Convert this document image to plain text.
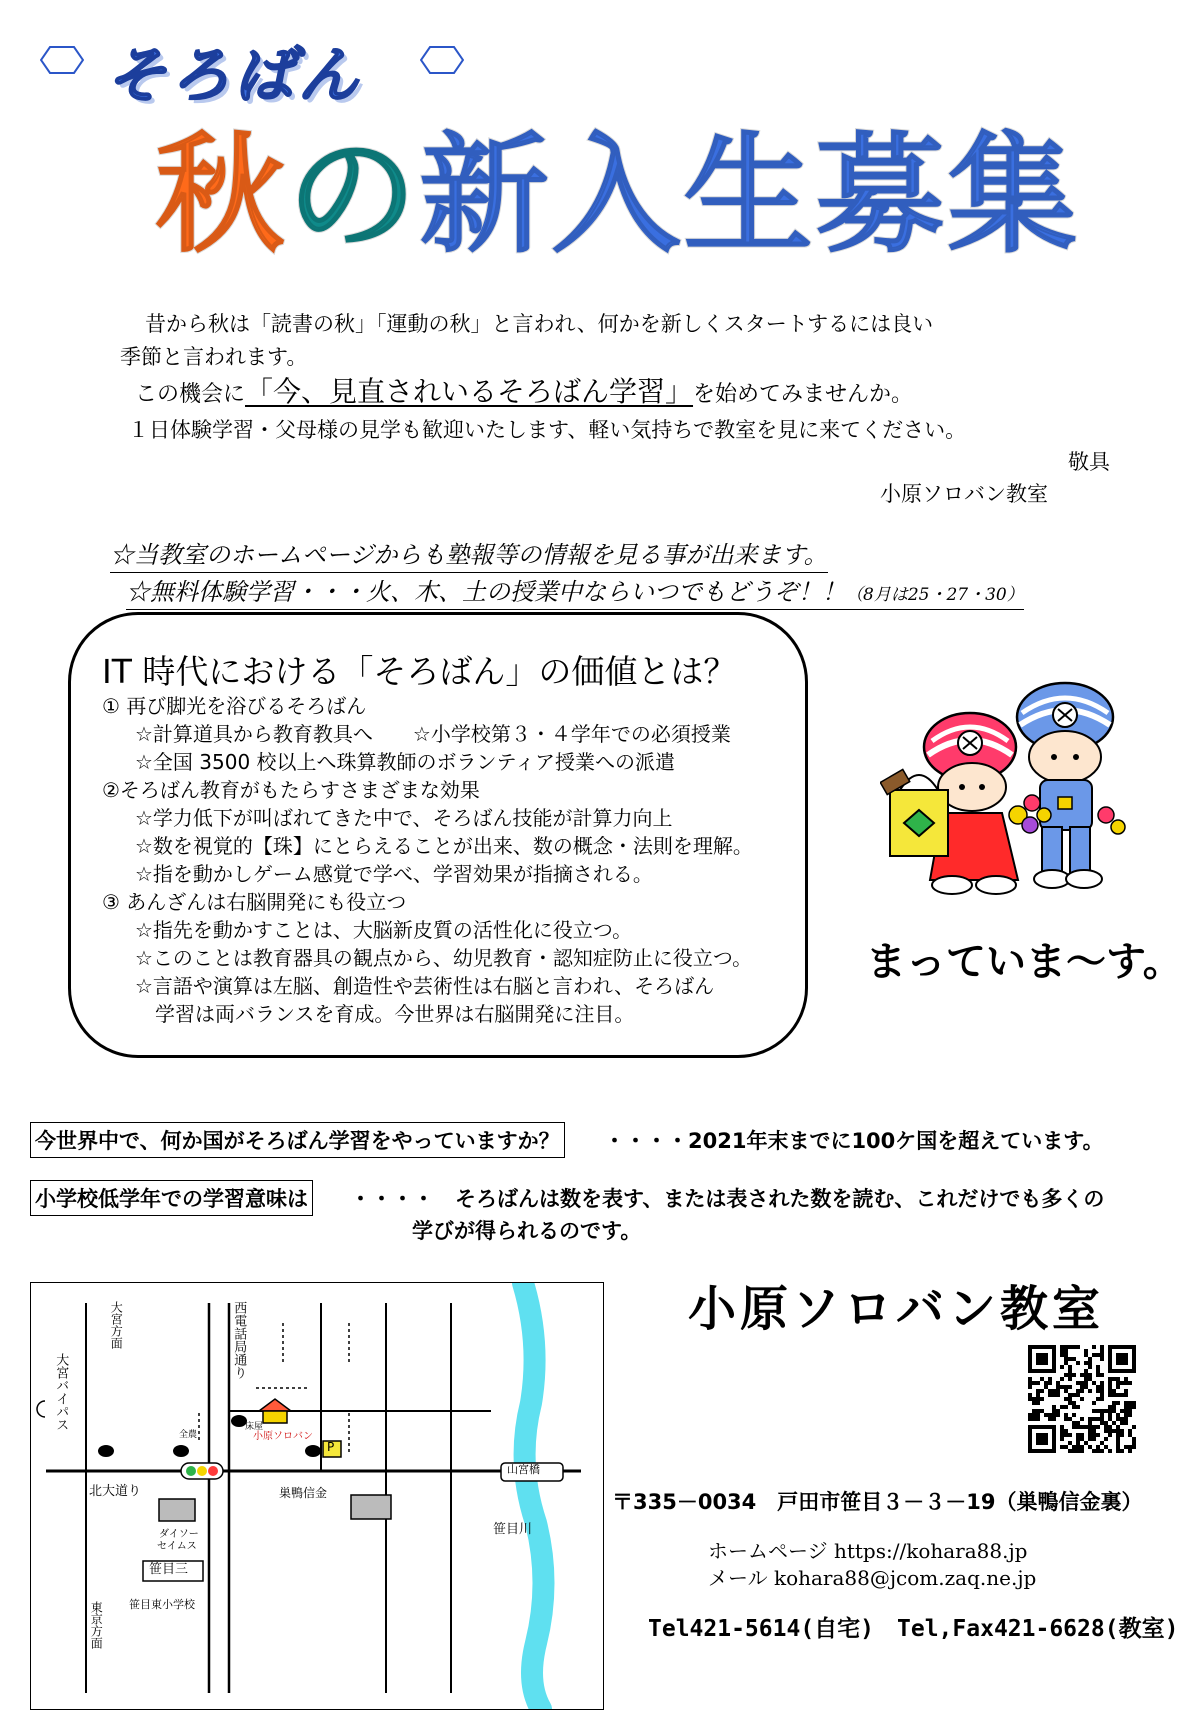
そろばん
秋の新入生募集
昔から秋は「読書の秋」「運動の秋」と言われ、何かを新しくスタートするには良い
季節と言われます。
この機会に「今、見直されいるそろばん学習」を始めてみませんか。
１日体験学習・父母様の見学も歓迎いたします、軽い気持ちで教室を見に来てください。
敬具
小原ソロバン教室
☆当教室のホームページからも塾報等の情報を見る事が出来ます。
☆無料体験学習・・・火、木、土の授業中ならいつでもどうぞ！！（8月は25・27・30）
IT 時代における「そろばん」の価値とは？
① 再び脚光を浴びるそろばん
☆計算道具から教育教具へ　　☆小学校第３・４学年での必須授業
☆全国 3500 校以上へ珠算教師のボランティア授業への派遣
②そろばん教育がもたらすさまざまな効果
☆学力低下が叫ばれてきた中で、そろばん技能が計算力向上
☆数を視覚的【珠】にとらえることが出来、数の概念・法則を理解。
☆指を動かしゲーム感覚で学べ、学習効果が指摘される。
③ あんざんは右脳開発にも役立つ
☆指先を動かすことは、大脳新皮質の活性化に役立つ。
☆このことは教育器具の観点から、幼児教育・認知症防止に役立つ。
☆言語や演算は左脳、創造性や芸術性は右脳と言われ、そろばん
学習は両バランスを育成。今世界は右脳開発に注目。
まっていま～す。
今世界中で、何か国がそろばん学習をやっていますか？ ・・・・2021年末までに100ケ国を超えています。
小学校低学年での学習意味は ・・・・　そろばんは数を表す、または表された数を読む、これだけでも多くの
学びが得られるのです。
大宮方面
大宮バイパス
西電話局通り
北大道り
全農
床屋
小原ソロバン
巣鴨信金
ダイソー
セイムス
笹目三
笹目東小学校
東京方面
山宮橋
笹目川
P
小原ソロバン教室
〒335－0034　戸田市笹目３－３－19（巣鴨信金裏）
ホームページ https://kohara88.jp
メール kohara88@jcom.zaq.ne.jp
Tel421-5614(自宅)　Tel,Fax421-6628(教室)
